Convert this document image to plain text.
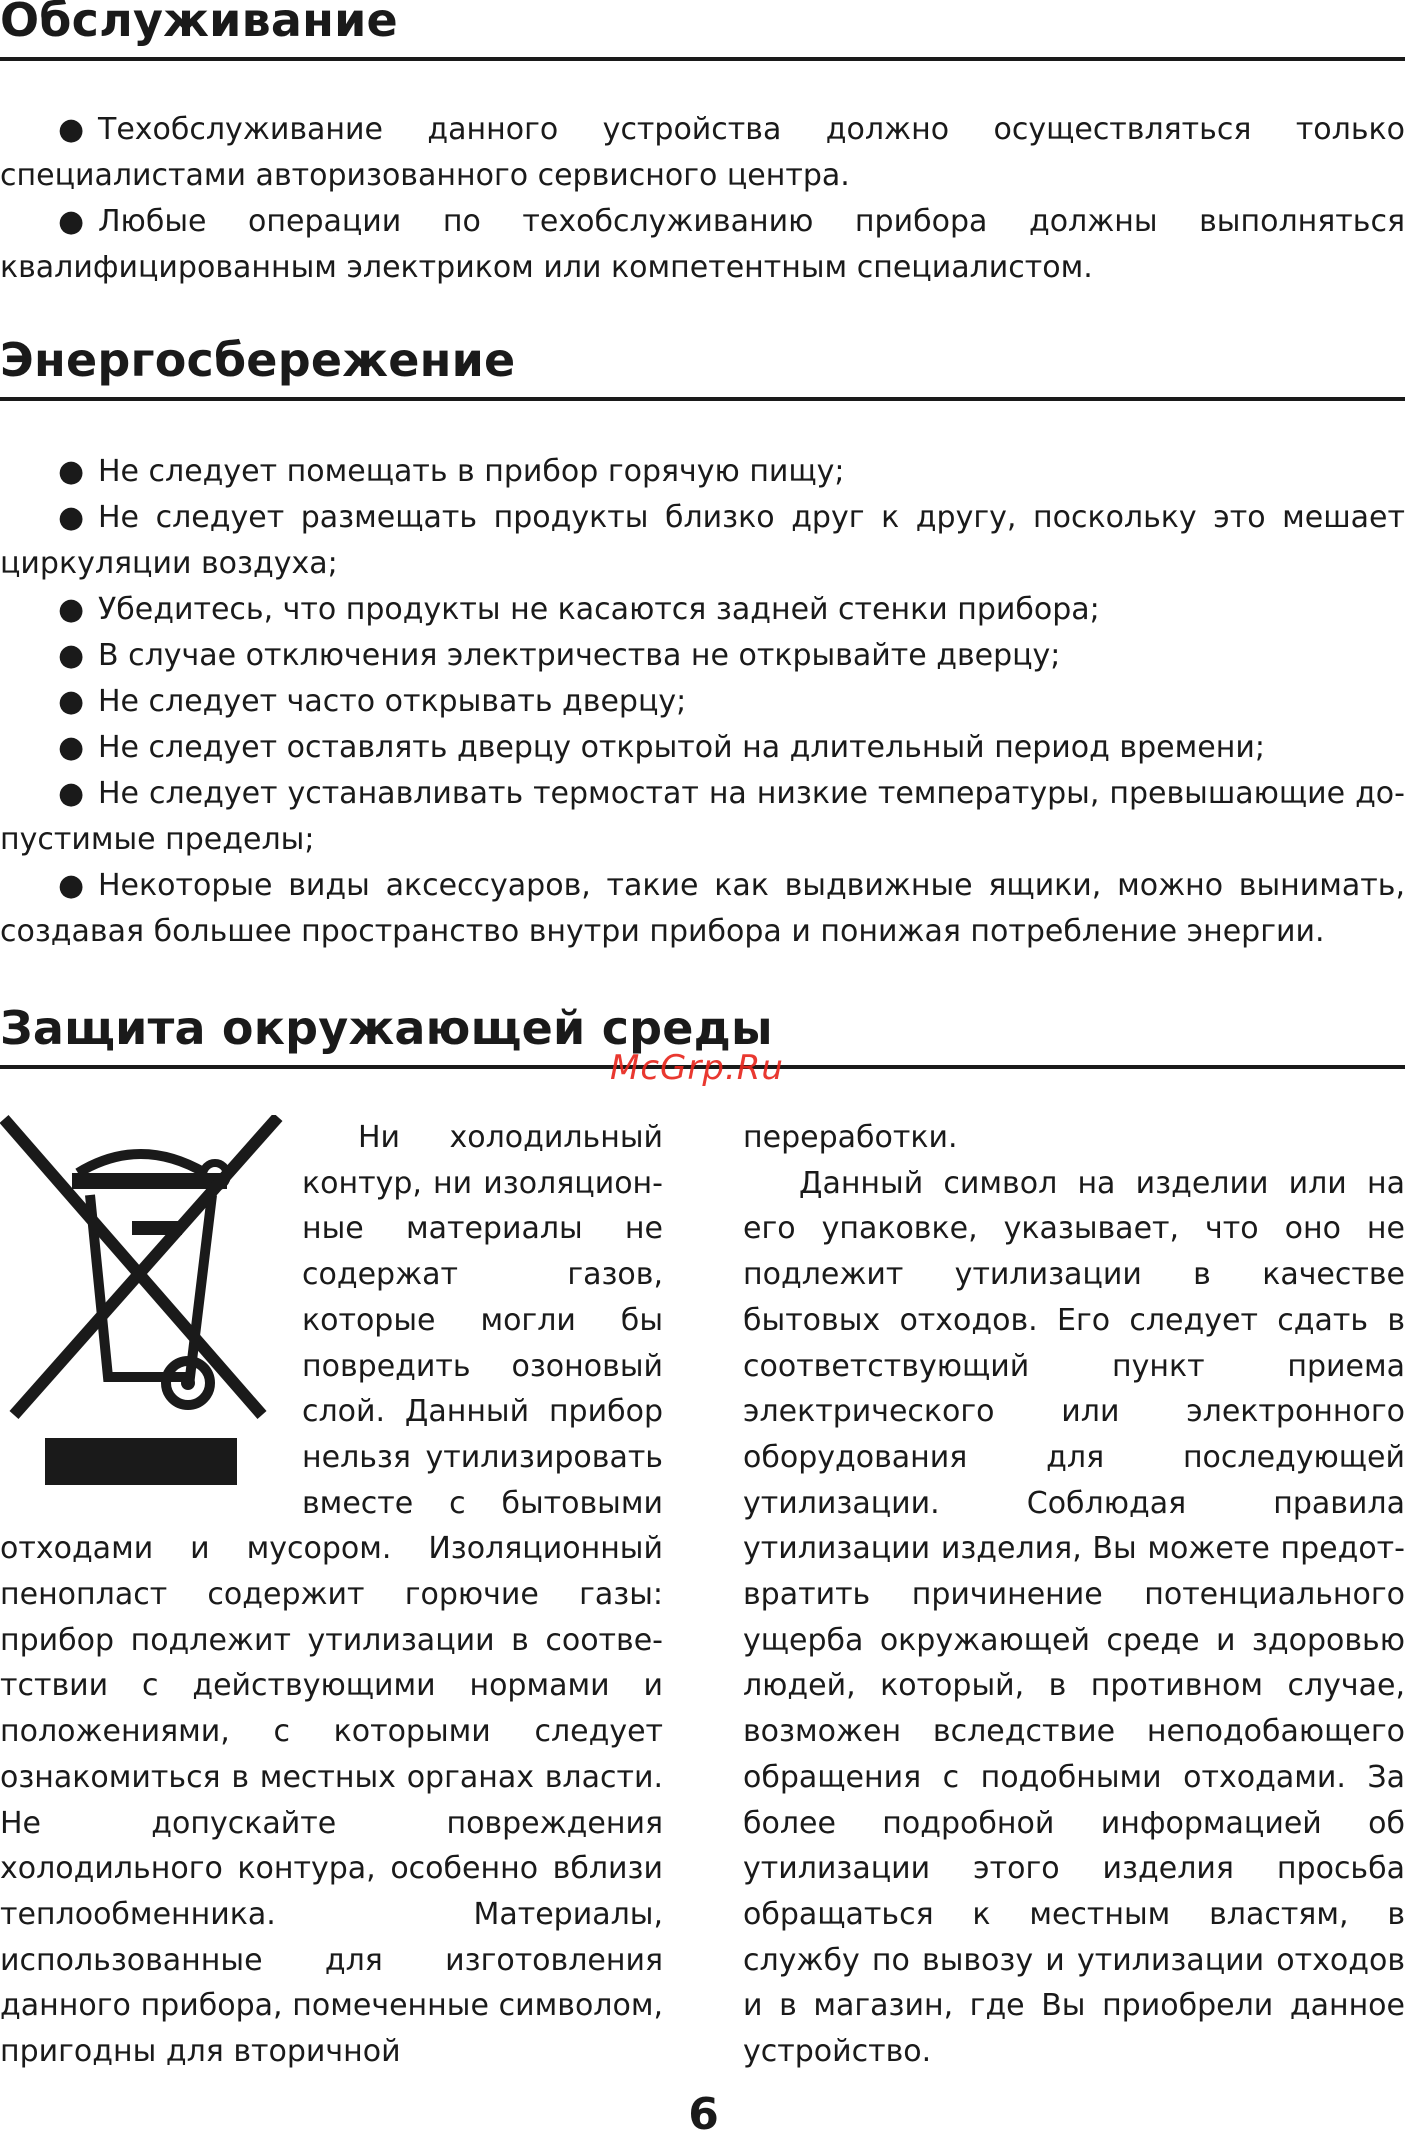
Обслуживание
● Техобслуживание данного устройства должно осуществляться только специалистами авторизованного сервисного центра.
● Любые операции по техобслуживанию прибора должны выполняться квалифицированным электриком или компетентным специалистом.
Энергосбережение
● Не следует помещать в прибор горячую пищу;
● Не следует размещать продукты близко друг к другу, поскольку это мешает циркуляции воздуха;
● Убедитесь, что продукты не касаются задней стенки прибора;
● В случае отключения электричества не открывайте дверцу;
● Не следует часто открывать дверцу;
● Не следует оставлять дверцу открытой на длительный период времени;
● Не следует устанавливать термостат на низкие температуры, превышающие допустимые пределы;
● Некоторые виды аксессуаров, такие как выдвижные ящики, можно вынимать, создавая большее пространство внутри прибора и понижая потребление энергии.
Защита окружающей среды
McGrp.Ru

Ни холодильный контур, ни изоляционные материалы не содержат газов, которые могли бы повредить озоновый слой. Данный прибор нельзя утилизировать вместе с бытовыми отходами и мусором. Изоляционный пенопласт содержит горючие газы: прибор подлежит утилизации в соответствии с действующими нормами и положениями, с которыми следует ознакомиться в местных органах власти. Не допускайте повреждения холодильного контура, особенно вблизи теплообменника. Материалы, использованные для изготовления данного прибора, помеченные символом, пригодны для вторичной

переработки.

Данный символ на изделии или на его упаковке, указывает, что оно не подлежит утилизации в качестве бытовых отходов. Его следует сдать в соответствующий пункт приема электрического или электронного оборудования для последующей утилизации. Соблюдая правила утилизации изделия, Вы можете предотвратить причинение потенциального ущерба окружающей среде и здоровью людей, который, в противном случае, возможен вследствие неподобающего обращения с подобными отходами. За более подробной информацией об утилизации этого изделия просьба обращаться к местным властям, в службу по вывозу и утилизации отходов и в магазин, где Вы приобрели данное устройство.

6
